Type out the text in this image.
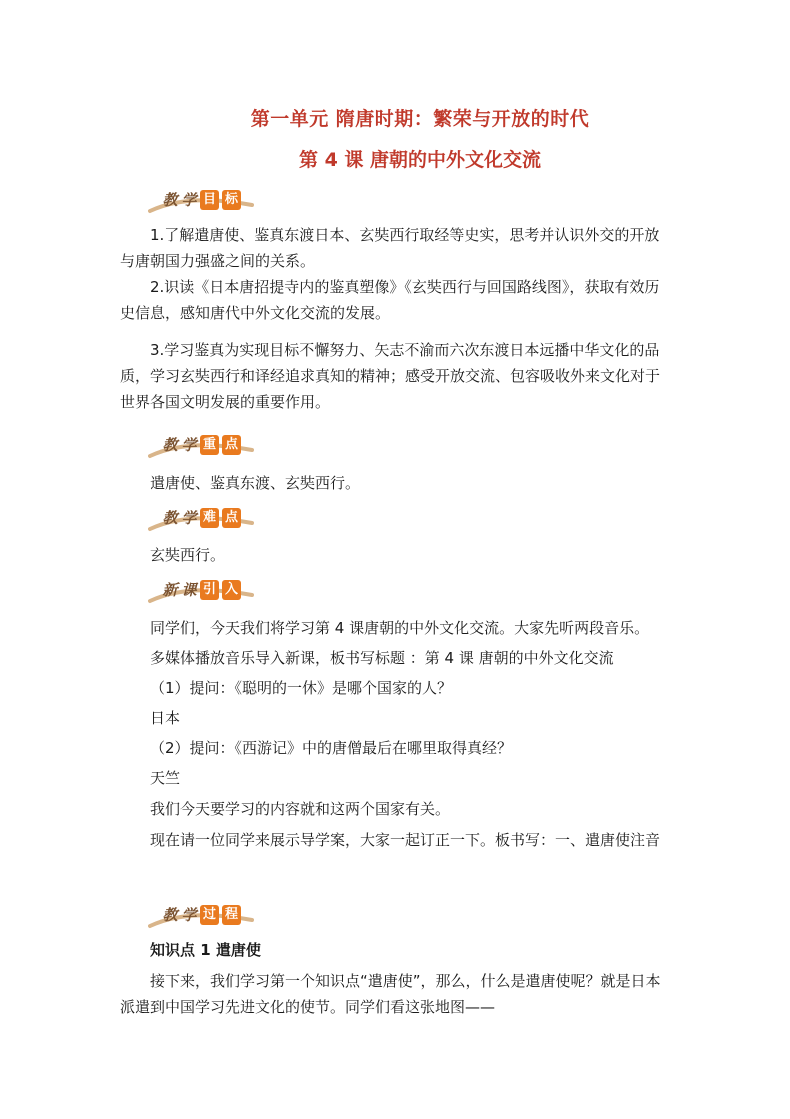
第一单元 隋唐时期：繁荣与开放的时代
第 4 课 唐朝的中外文化交流
教 学 目 标

1.了解遣唐使、鉴真东渡日本、玄奘西行取经等史实，思考并认识外交的开放与唐朝国力强盛之间的关系。

2.识读《日本唐招提寺内的鉴真塑像》《玄奘西行与回国路线图》，获取有效历史信息，感知唐代中外文化交流的发展。

3.学习鉴真为实现目标不懈努力、矢志不渝而六次东渡日本远播中华文化的品质，学习玄奘西行和译经追求真知的精神；感受开放交流、包容吸收外来文化对于世界各国文明发展的重要作用。

教 学 重 点

遣唐使、鉴真东渡、玄奘西行。

教 学 难 点

玄奘西行。

新 课 引 入

同学们，今天我们将学习第 4 课唐朝的中外文化交流。大家先听两段音乐。

多媒体播放音乐导入新课，板书写标题 ：第 4 课 唐朝的中外文化交流

（1）提问：《聪明的一休》是哪个国家的人？

日本

（2）提问：《西游记》中的唐僧最后在哪里取得真经？

天竺

我们今天要学习的内容就和这两个国家有关。

现在请一位同学来展示导学案，大家一起订正一下。板书写：一、遣唐使注音

教 学 过 程

知识点 1 遣唐使

接下来，我们学习第一个知识点“遣唐使”，那么，什么是遣唐使呢？就是日本派遣到中国学习先进文化的使节。同学们看这张地图——
